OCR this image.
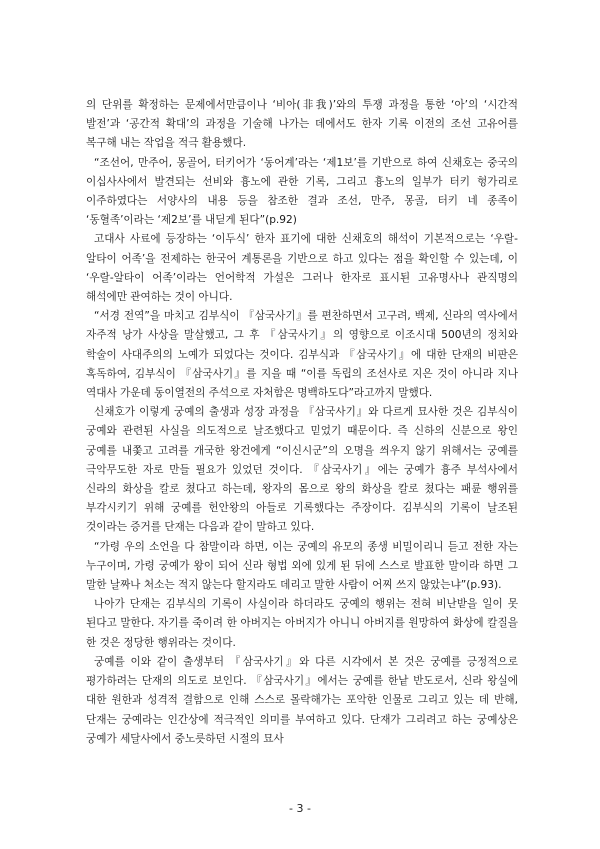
의 단위를 확정하는 문제에서만큼이나 ‘비아(非我)’와의 투쟁 과정을 통한 ‘아’의 ‘시간적 발전’과 ‘공간적 확대’의 과정을 기술해 나가는 데에서도 한자 기록 이전의 조선 고유어를 복구해 내는 작업을 적극 활용했다.

“조선어, 만주어, 몽골어, 터키어가 ‘동어계’라는 ‘제1보’를 기반으로 하여 신채호는 중국의 이십사사에서 발견되는 선비와 흉노에 관한 기록, 그리고 흉노의 일부가 터키 헝가리로 이주하였다는 서양사의 내용 등을 참조한 결과 조선, 만주, 몽골, 터키 네 종족이 ‘동혈족’이라는 ‘제2보’를 내딛게 된다”(p.92)

고대사 사료에 등장하는 ‘이두식’ 한자 표기에 대한 신채호의 해석이 기본적으로는 ‘우랄-알타이 어족’을 전제하는 한국어 계통론을 기반으로 하고 있다는 점을 확인할 수 있는데, 이 ‘우랄-알타이 어족’이라는 언어학적 가설은 그러나 한자로 표시된 고유명사나 관직명의 해석에만 관여하는 것이 아니다.

“서경 전역”을 마치고 김부식이 『삼국사기』를 편찬하면서 고구려, 백제, 신라의 역사에서 자주적 낭가 사상을 말살했고, 그 후 『삼국사기』의 영향으로 이조시대 500년의 정치와 학술이 사대주의의 노예가 되었다는 것이다. 김부식과 『삼국사기』에 대한 단재의 비판은 혹독하여, 김부식이 『삼국사기』를 지을 때 “이를 독립의 조선사로 지은 것이 아니라 지나 역대사 가운데 동이열전의 주석으로 자처함은 명백하도다”라고까지 말했다.

신채호가 이렇게 궁예의 출생과 성장 과정을 『삼국사기』와 다르게 묘사한 것은 김부식이 궁예와 관련된 사실을 의도적으로 날조했다고 믿었기 때문이다. 즉 신하의 신분으로 왕인 궁예를 내쫓고 고려를 개국한 왕건에게 “이신시군”의 오명을 씌우지 않기 위해서는 궁예를 극악무도한 자로 만들 필요가 있었던 것이다. 『삼국사기』에는 궁예가 흉주 부석사에서 신라의 화상을 칼로 쳤다고 하는데, 왕자의 몸으로 왕의 화상을 칼로 쳤다는 패륜 행위를 부각시키기 위해 궁예를 헌안왕의 아들로 기록했다는 주장이다. 김부식의 기록이 날조된 것이라는 증거를 단재는 다음과 같이 말하고 있다.

“가령 우의 소언을 다 참말이라 하면, 이는 궁예의 유모의 종생 비밀이리니 듣고 전한 자는 누구이며, 가령 궁예가 왕이 되어 신라 형법 외에 있게 된 뒤에 스스로 발표한 말이라 하면 그 말한 날짜나 처소는 적지 않는다 할지라도 데리고 말한 사람이 어찌 쓰지 않았는냐”(p.93).

나아가 단재는 김부식의 기록이 사실이라 하더라도 궁예의 행위는 전혀 비난받을 일이 못 된다고 말한다. 자기를 죽이려 한 아버지는 아버지가 아니니 아버지를 원망하여 화상에 칼질을 한 것은 정당한 행위라는 것이다.

궁예를 이와 같이 출생부터 『삼국사기』와 다른 시각에서 본 것은 궁예를 긍정적으로 평가하려는 단재의 의도로 보인다. 『삼국사기』에서는 궁예를 한낱 반도로서, 신라 왕실에 대한 원한과 성격적 결함으로 인해 스스로 몰락해가는 포악한 인물로 그리고 있는 데 반해, 단재는 궁예라는 인간상에 적극적인 의미를 부여하고 있다. 단재가 그리려고 하는 궁예상은 궁예가 세달사에서 중노릇하던 시절의 묘사

- 3 -
